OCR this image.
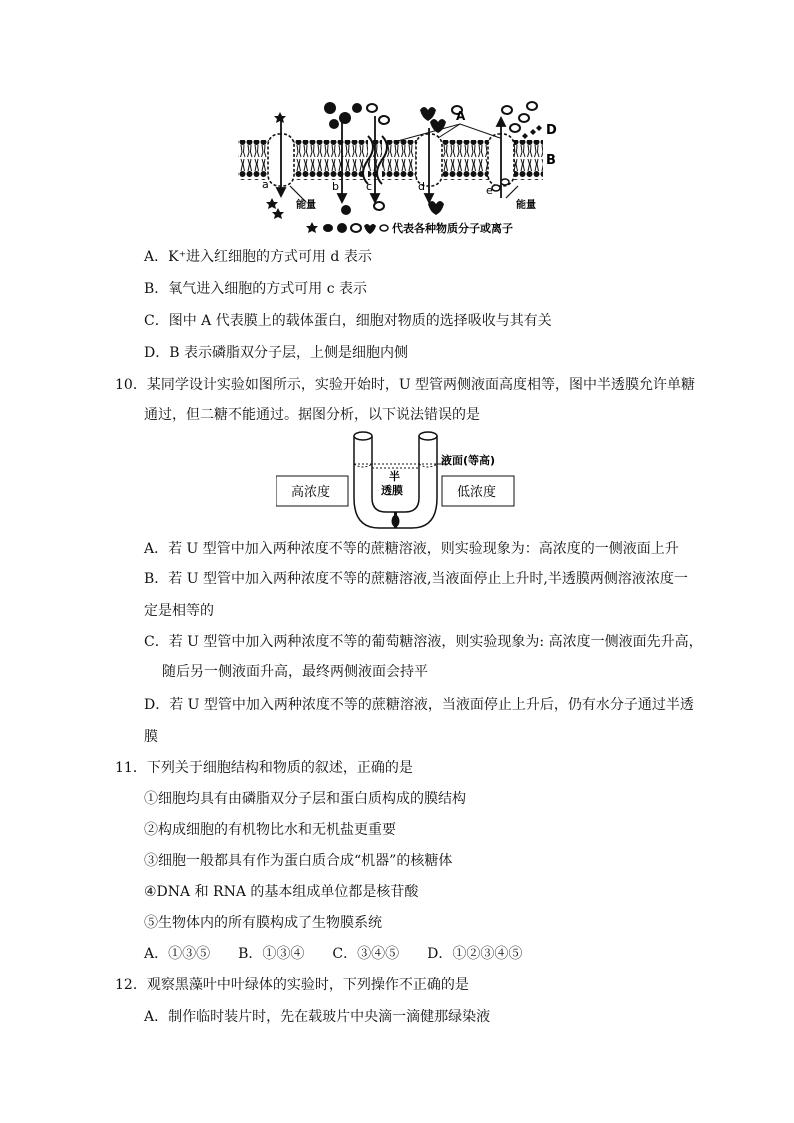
A
B
D
a	b c	d	e
能量	能量
代表各种物质分子或离子
A．K⁺进入红细胞的方式可用 d 表示
B．氧气进入细胞的方式可用 c 表示
C．图中 A 代表膜上的载体蛋白，细胞对物质的选择吸收与其有关
D．B 表示磷脂双分子层，上侧是细胞内侧
10．某同学设计实验如图所示，实验开始时，U 型管两侧液面高度相等，图中半透膜允许单糖
通过，但二糖不能通过。据图分析，以下说法错误的是
高浓度	低浓度
半
透膜
液面(等高)
A．若 U 型管中加入两种浓度不等的蔗糖溶液，则实验现象为：高浓度的一侧液面上升
B．若 U 型管中加入两种浓度不等的蔗糖溶液,当液面停止上升时,半透膜两侧溶液浓度一
定是相等的
C．若 U 型管中加入两种浓度不等的葡萄糖溶液，则实验现象为: 高浓度一侧液面先升高，
随后另一侧液面升高，最终两侧液面会持平
D．若 U 型管中加入两种浓度不等的蔗糖溶液，当液面停止上升后，仍有水分子通过半透
膜
11．下列关于细胞结构和物质的叙述，正确的是
①细胞均具有由磷脂双分子层和蛋白质构成的膜结构
②构成细胞的有机物比水和无机盐更重要
③细胞一般都具有作为蛋白质合成“机器”的核糖体
④DNA 和 RNA 的基本组成单位都是核苷酸
⑤生物体内的所有膜构成了生物膜系统
A．①③⑤　　B．①③④　　C．③④⑤　　D．①②③④⑤
12．观察黑藻叶中叶绿体的实验时，下列操作不正确的是
A．制作临时装片时，先在载玻片中央滴一滴健那绿染液
